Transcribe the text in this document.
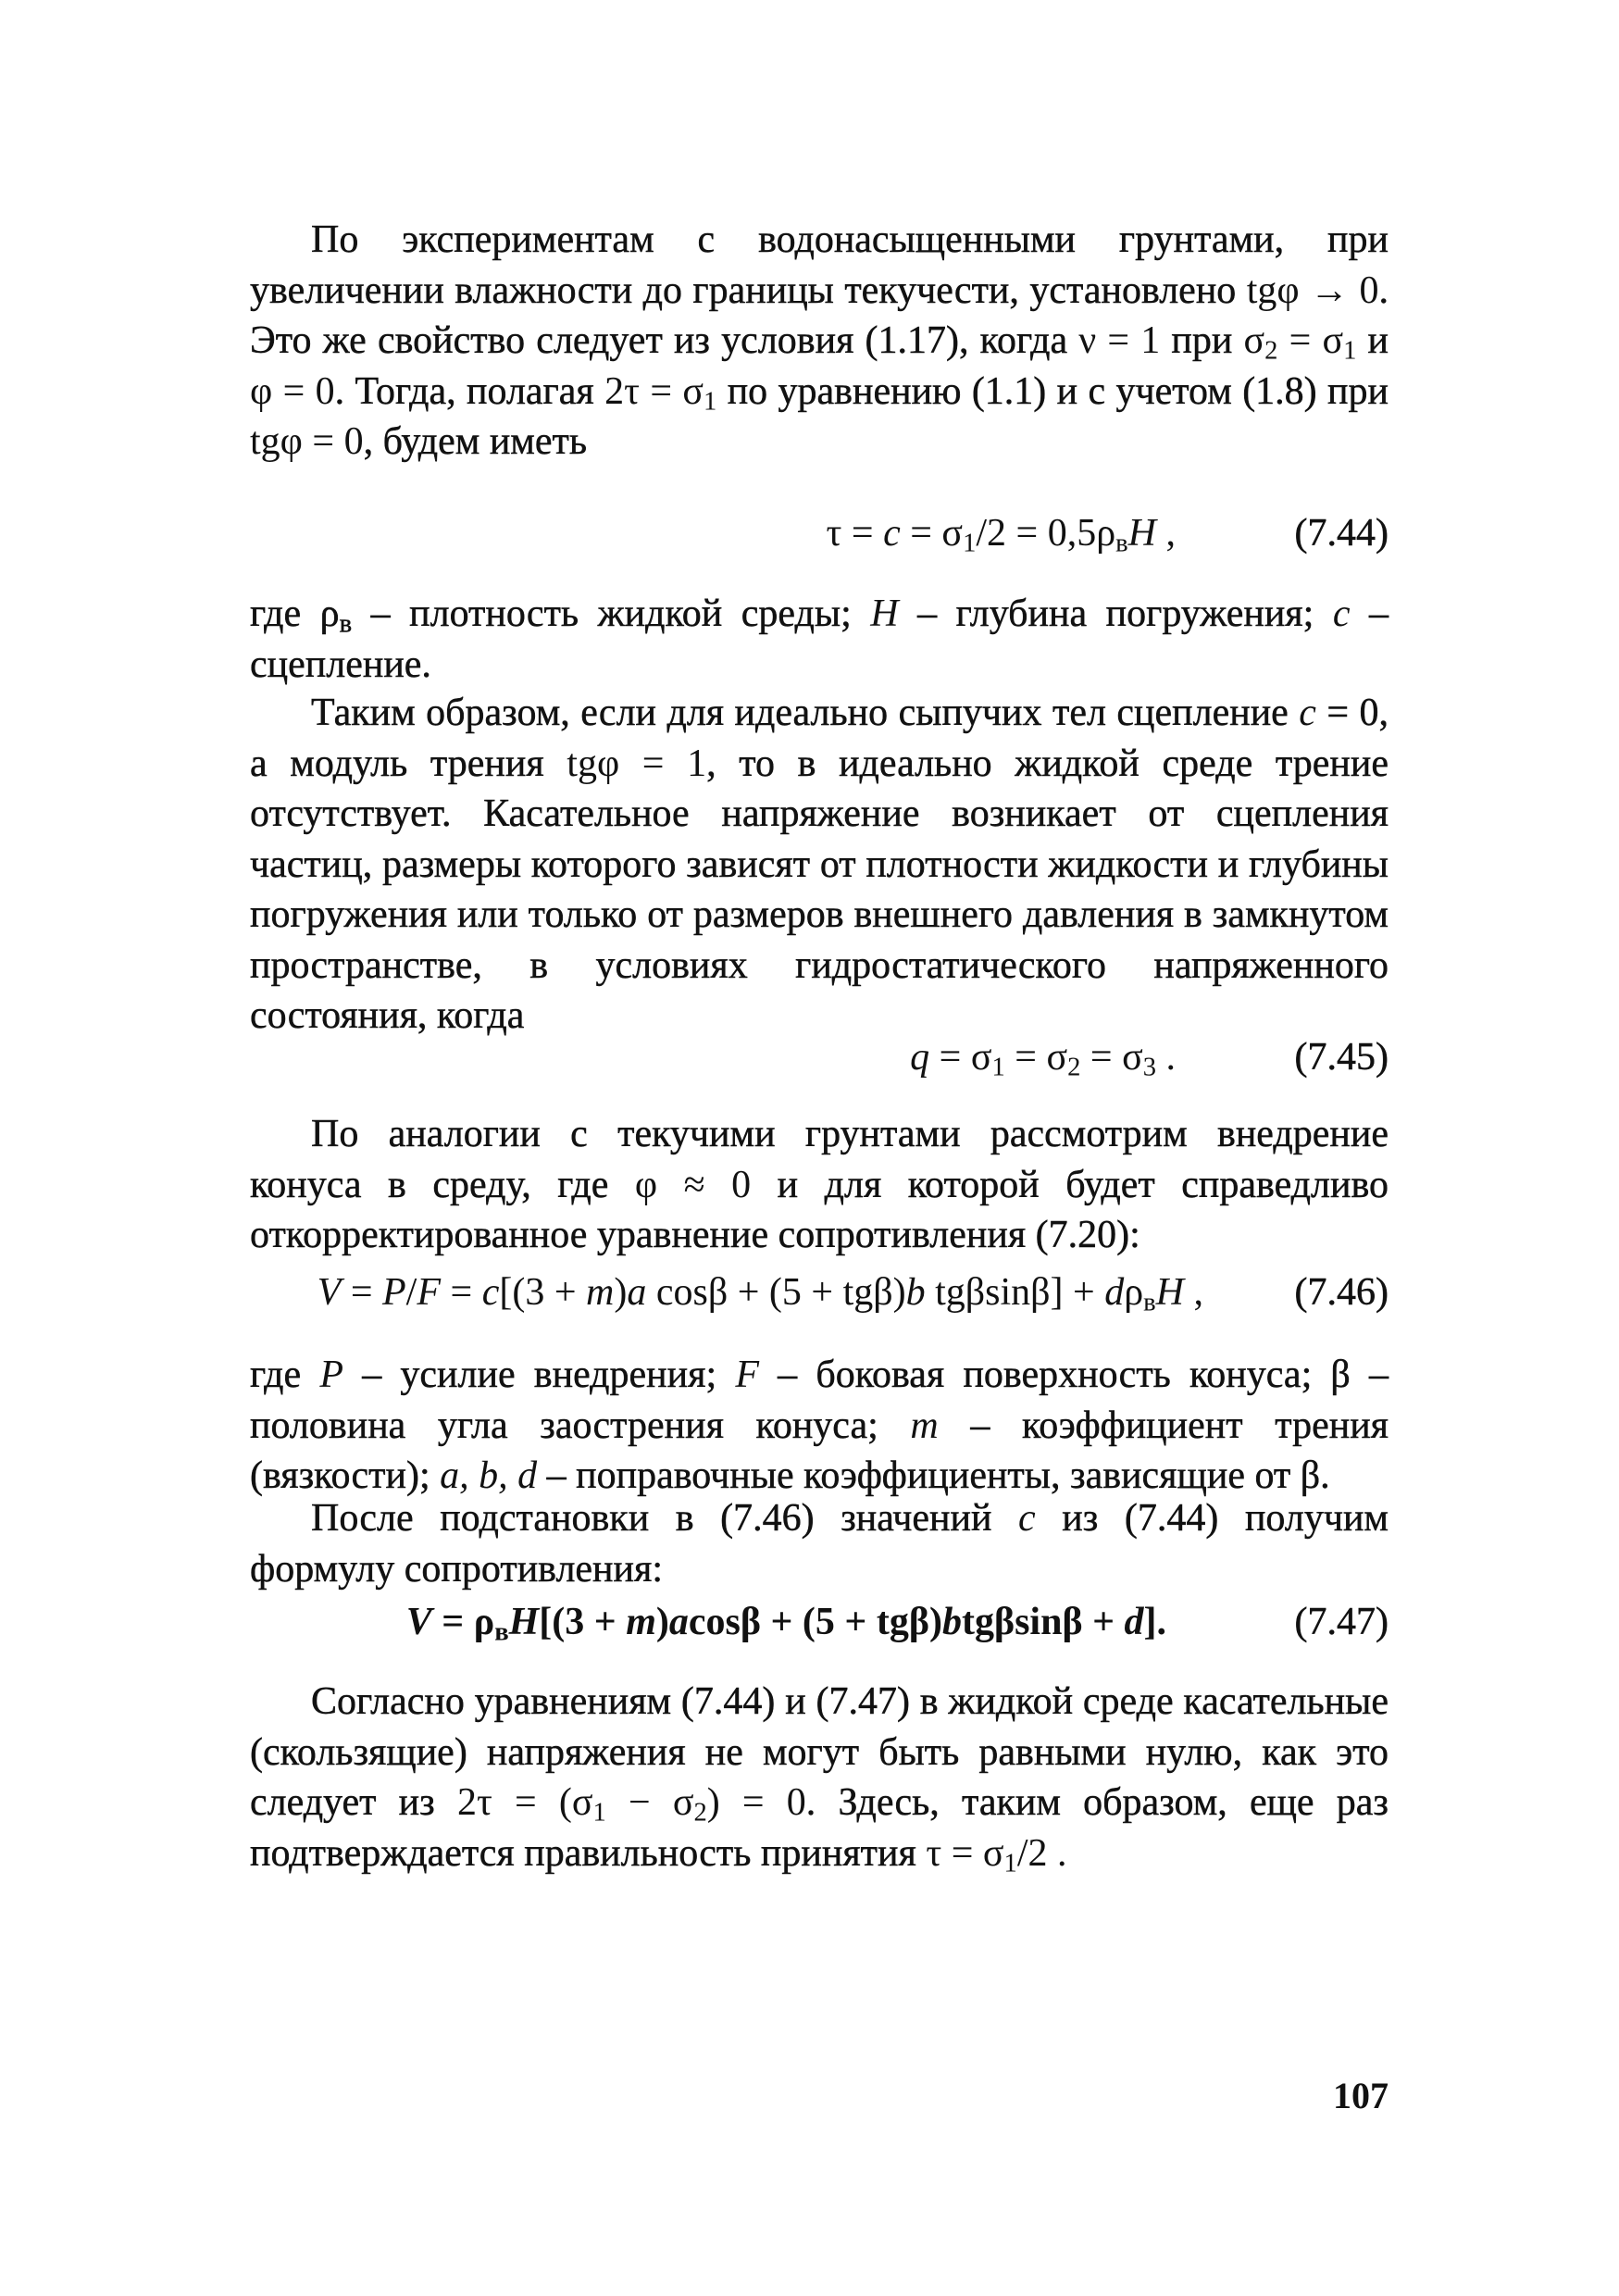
По экспериментам с водонасыщенными грунтами, при увеличении влажности до границы текучести, установлено tgφ → 0. Это же свойство следует из условия (1.17), когда ν = 1 при $\sigma_2 = \sigma_1$ и φ = 0. Тогда, полагая $2\tau = \sigma_1$ по уравнению (1.1) и с учетом (1.8) при tgφ = 0, будем иметь
$\tau = c = \sigma_1/2 = 0,5\rho_вH$ ,	(7.44)
где $\rho_в$ – плотность жидкой среды; H – глубина погружения; c – сцепление.
Таким образом, если для идеально сыпучих тел сцепление c = 0, а модуль трения tgφ = 1, то в идеально жидкой среде трение отсутствует. Касательное напряжение возникает от сцепления частиц, размеры которого зависят от плотности жидкости и глубины погружения или только от размеров внешнего давления в замкнутом пространстве, в условиях гидростатического напряженного состояния, когда
$q = \sigma_1 = \sigma_2 = \sigma_3$ .	(7.45)
По аналогии с текучими грунтами рассмотрим внедрение конуса в среду, где φ ≈ 0 и для которой будет справедливо откорректированное уравнение сопротивления (7.20):
V = P/F = c[(3 + m)a cosβ + (5 + tgβ)b $tg\beta\sin\beta] + d\rho_вH$ , (7.46)
где P – усилие внедрения; F – боковая поверхность конуса; β – половина угла заострения конуса; m – коэффициент трения (вязкости); a, b, d – поправочные коэффициенты, зависящие от β.
После подстановки в (7.46) значений c из (7.44) получим формулу сопротивления:
$V = \rho_вH[(3 + m)acos\beta + (5 + tg\beta)btg\beta\sin\beta + d]$.	(7.47)
Согласно уравнениям (7.44) и (7.47) в жидкой среде касательные (скользящие) напряжения не могут быть равными нулю, как это следует из $2\tau = (\sigma_1 - \sigma_2) = 0$. Здесь, таким образом, еще раз подтверждается правильность принятия $\tau = \sigma_1/2$ .
107
